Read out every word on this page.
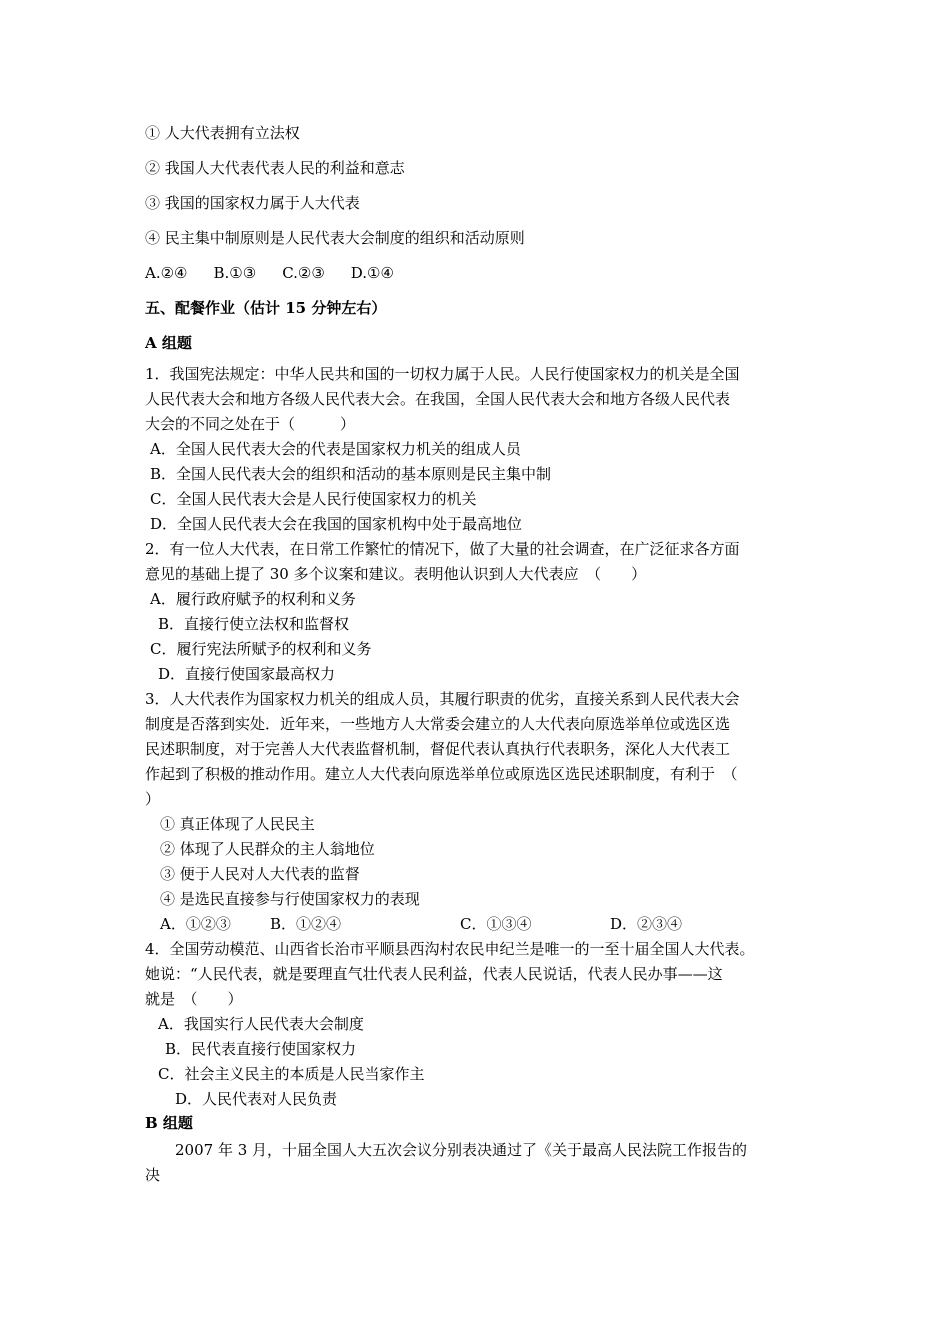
① 人大代表拥有立法权
② 我国人大代表代表人民的利益和意志
③ 我国的国家权力属于人大代表
④ 民主集中制原则是人民代表大会制度的组织和活动原则
A.②④ B.①③ C.②③ D.①④
五、配餐作业（估计 15 分钟左右）
A 组题
1．我国宪法规定：中华人民共和国的一切权力属于人民。人民行使国家权力的机关是全国
人民代表大会和地方各级人民代表大会。在我国，全国人民代表大会和地方各级人民代表
大会的不同之处在于（　　　）
A．全国人民代表大会的代表是国家权力机关的组成人员
B．全国人民代表大会的组织和活动的基本原则是民主集中制
C．全国人民代表大会是人民行使国家权力的机关
D．全国人民代表大会在我国的国家机构中处于最高地位
2．有一位人大代表，在日常工作繁忙的情况下，做了大量的社会调查，在广泛征求各方面
意见的基础上提了 30 多个议案和建议。表明他认识到人大代表应　（　　）
A．履行政府赋予的权利和义务
B．直接行使立法权和监督权
C．履行宪法所赋予的权利和义务
D．直接行使国家最高权力
3．人大代表作为国家权力机关的组成人员，其履行职责的优劣，直接关系到人民代表大会
制度是否落到实处．近年来，一些地方人大常委会建立的人大代表向原选举单位或选区选
民述职制度，对于完善人大代表监督机制，督促代表认真执行代表职务，深化人大代表工
作起到了积极的推动作用。建立人大代表向原选举单位或原选区选民述职制度，有利于　（
）
① 真正体现了人民民主
② 体现了人民群众的主人翁地位
③ 便于人民对人大代表的监督
④ 是选民直接参与行使国家权力的表现
A．①②③	B．①②④	C．①③④	D．②③④
4．全国劳动模范、山西省长治市平顺县西沟村农民申纪兰是唯一的一至十届全国人大代表。
她说：“人民代表，就是要理直气壮代表人民利益，代表人民说话，代表人民办事——这
就是　（　　）
A．我国实行人民代表大会制度
B．民代表直接行使国家权力
C．社会主义民主的本质是人民当家作主
D．人民代表对人民负责
B 组题
2007 年 3 月，十届全国人大五次会议分别表决通过了《关于最高人民法院工作报告的
决
